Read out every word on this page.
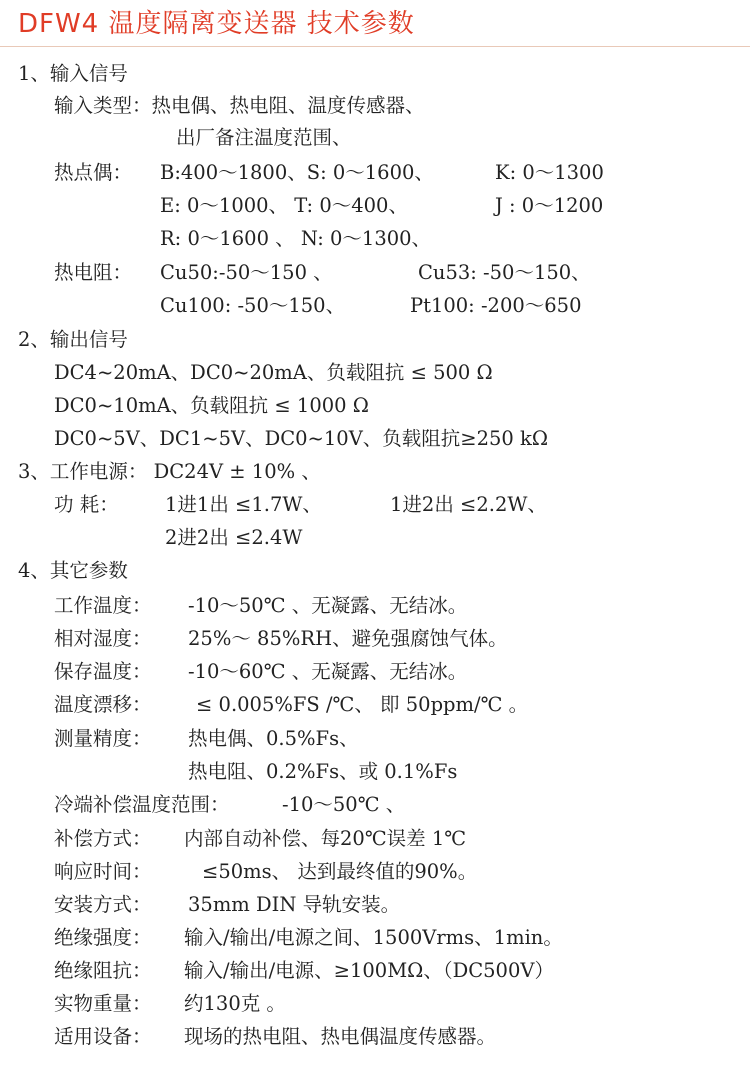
DFW4 温度隔离变送器 技术参数
1、输入信号
输入类型：热电偶、热电阻、温度传感器、
出厂备注温度范围、
热点偶： B:400～1800、S: 0～1600、	K: 0～1300
E: 0～1000、 T: 0～400、	J : 0～1200
R: 0～1600 、 N: 0～1300、
热电阻： Cu50:-50～150 、	Cu53: -50～150、
Cu100: -50～150、	Pt100: -200～650
2、输出信号
DC4~20mA、DC0~20mA、负载阻抗 ≤ 500 Ω
DC0~10mA、负载阻抗 ≤ 1000 Ω
DC0~5V、DC1~5V、DC0~10V、负载阻抗≥250 kΩ
3、工作电源： DC24V ± 10% 、
功 耗： 1进1出 ≤1.7W、	1进2出 ≤2.2W、
2进2出 ≤2.4W
4、其它参数
工作温度： -10～50℃ 、无凝露、无结冰。
相对湿度： 25%～ 85%RH、避免强腐蚀气体。
保存温度： -10～60℃ 、无凝露、无结冰。
温度漂移： ≤ 0.005%FS /℃、 即 50ppm/℃ 。
测量精度： 热电偶、0.5%Fs、
热电阻、0.2%Fs、或 0.1%Fs
冷端补偿温度范围：	-10～50℃ 、
补偿方式： 内部自动补偿、每20℃误差 1℃
响应时间：	≤50ms、 达到最终值的90%。
安装方式： 35mm DIN 导轨安装。
绝缘强度： 输入/输出/电源之间、1500Vrms、1min。
绝缘阻抗： 输入/输出/电源、≥100MΩ、（DC500V）
实物重量： 约130克 。
适用设备： 现场的热电阻、热电偶温度传感器。
